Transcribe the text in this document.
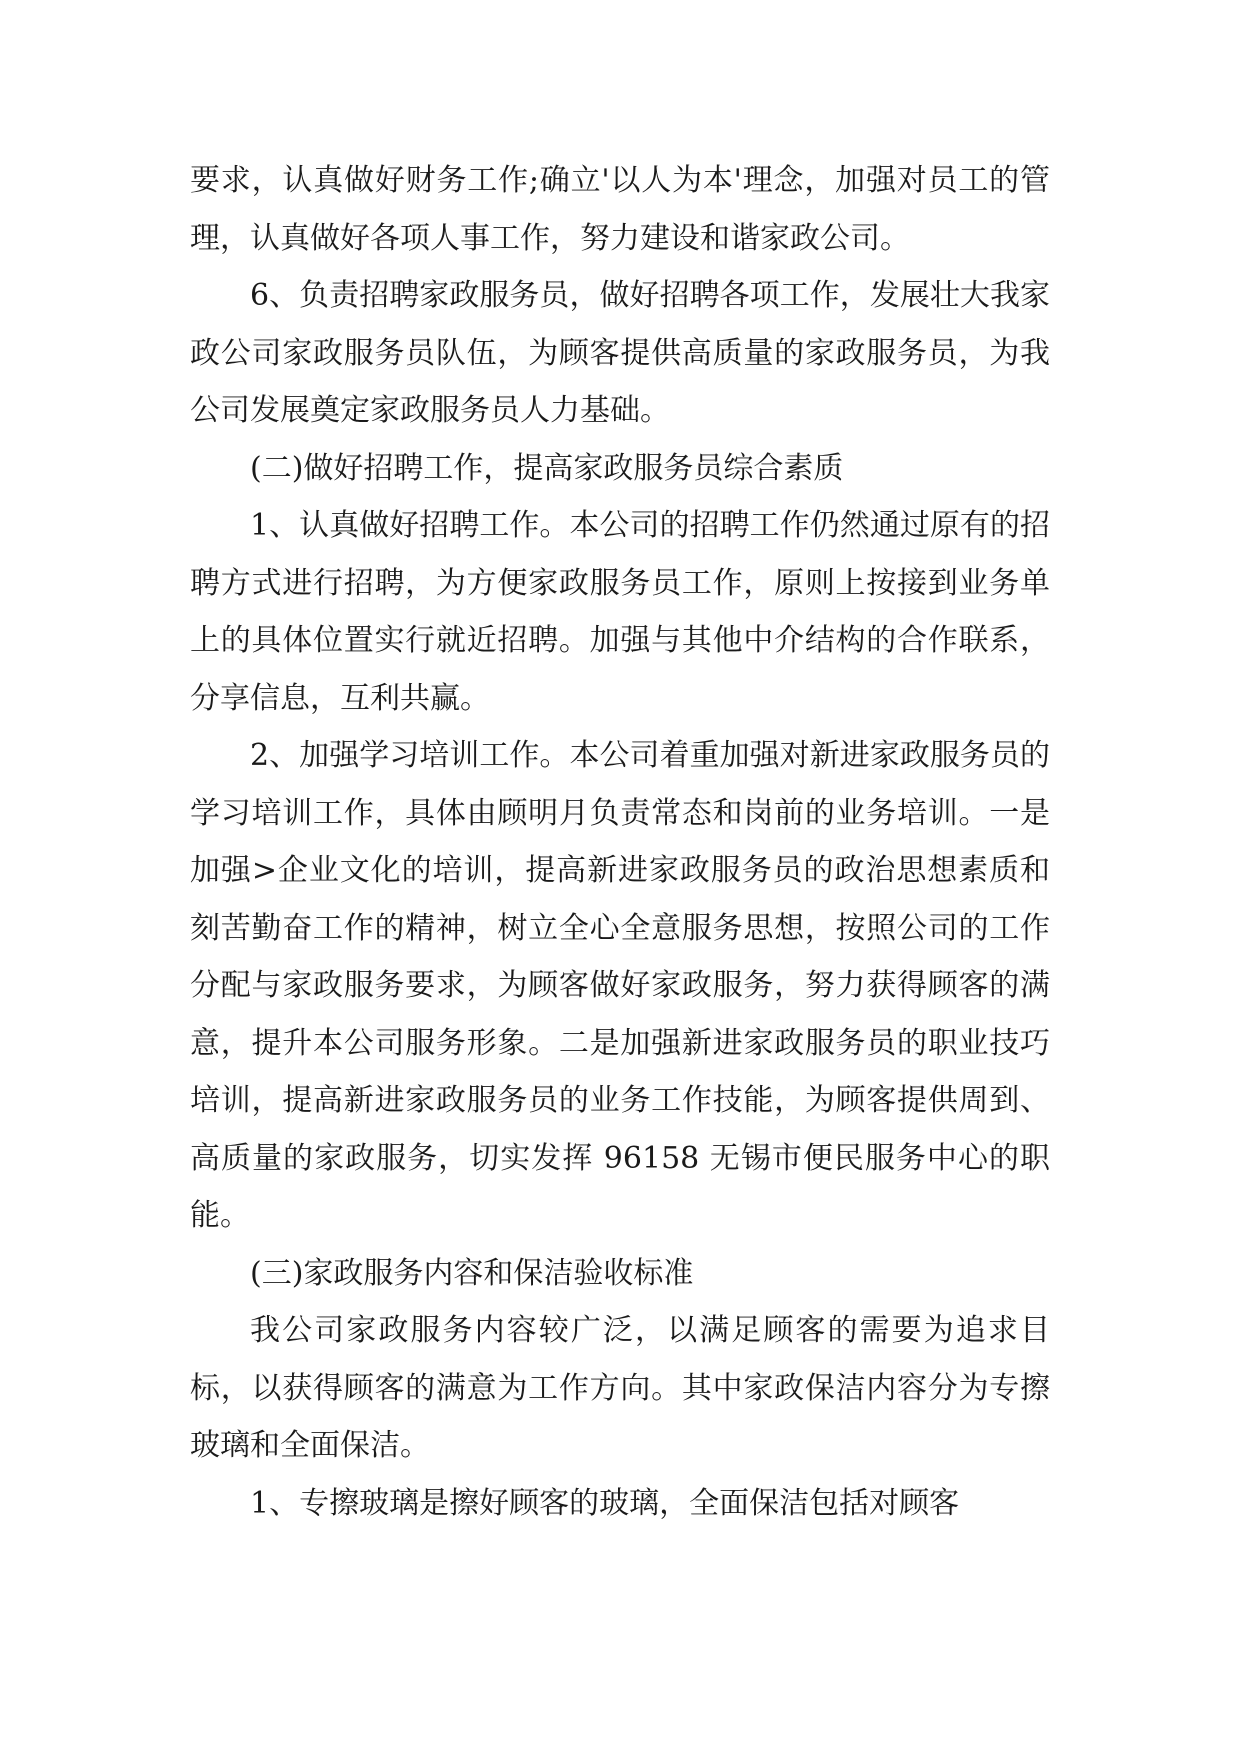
要求，认真做好财务工作;确立'以人为本'理念，加强对员工的管理，认真做好各项人事工作，努力建设和谐家政公司。

6、负责招聘家政服务员，做好招聘各项工作，发展壮大我家政公司家政服务员队伍，为顾客提供高质量的家政服务员，为我公司发展奠定家政服务员人力基础。

(二)做好招聘工作，提高家政服务员综合素质

1、认真做好招聘工作。本公司的招聘工作仍然通过原有的招聘方式进行招聘，为方便家政服务员工作，原则上按接到业务单上的具体位置实行就近招聘。加强与其他中介结构的合作联系，分享信息，互利共赢。

2、加强学习培训工作。本公司着重加强对新进家政服务员的学习培训工作，具体由顾明月负责常态和岗前的业务培训。一是加强>企业文化的培训，提高新进家政服务员的政治思想素质和刻苦勤奋工作的精神，树立全心全意服务思想，按照公司的工作分配与家政服务要求，为顾客做好家政服务，努力获得顾客的满意，提升本公司服务形象。二是加强新进家政服务员的职业技巧培训，提高新进家政服务员的业务工作技能，为顾客提供周到、高质量的家政服务，切实发挥 96158 无锡市便民服务中心的职能。

(三)家政服务内容和保洁验收标准

我公司家政服务内容较广泛，以满足顾客的需要为追求目标，以获得顾客的满意为工作方向。其中家政保洁内容分为专擦玻璃和全面保洁。

1、专擦玻璃是擦好顾客的玻璃，全面保洁包括对顾客
